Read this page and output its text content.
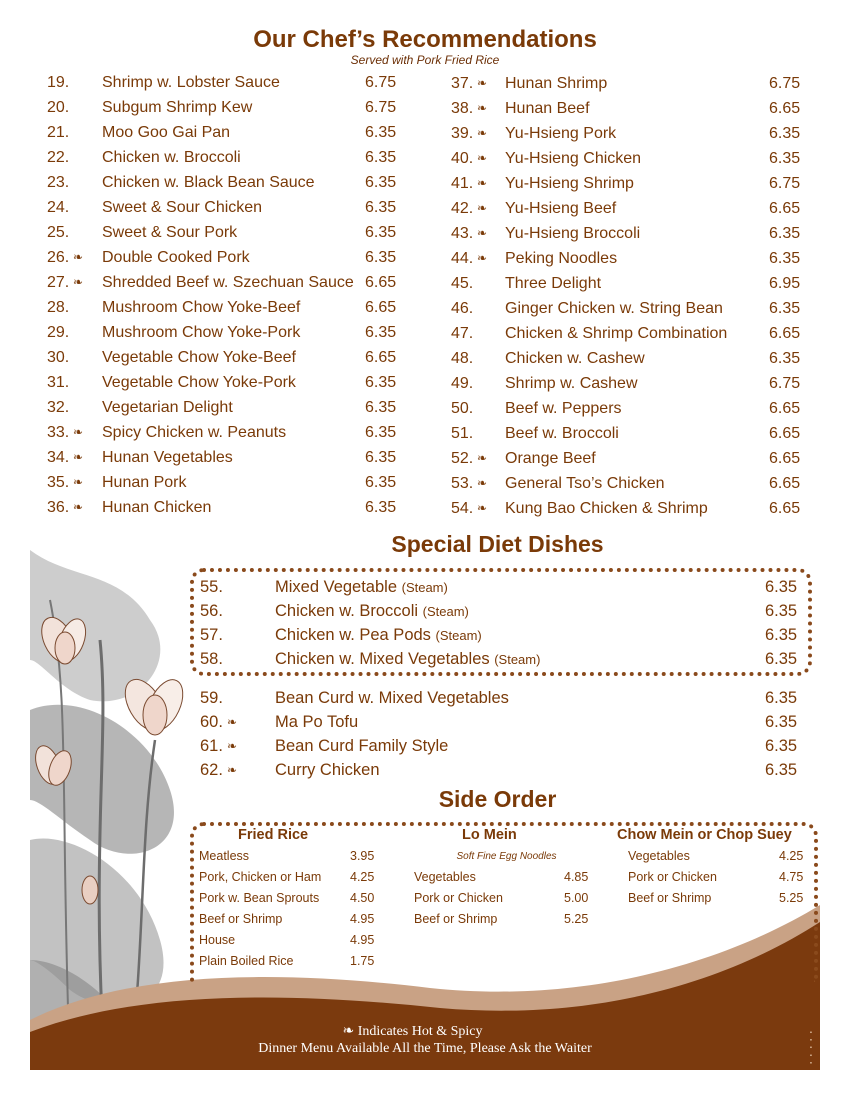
▪ ▪ ▪ ▪ ▪
Our Chef’s Recommendations
Served with Pork Fried Rice
19. Shrimp w. Lobster Sauce	6.75
20. Subgum Shrimp Kew	6.75
21. Moo Goo Gai Pan	6.35
22. Chicken w. Broccoli	6.35
23. Chicken w. Black Bean Sauce	6.35
24. Sweet & Sour Chicken	6.35
25. Sweet & Sour Pork	6.35
26. ❧ Double Cooked Pork	6.35
27. ❧ Shredded Beef w. Szechuan Sauce 6.65
28. Mushroom Chow Yoke-Beef	6.65
29. Mushroom Chow Yoke-Pork	6.35
30. Vegetable Chow Yoke-Beef	6.65
31. Vegetable Chow Yoke-Pork	6.35
32. Vegetarian Delight	6.35
33. ❧ Spicy Chicken w. Peanuts	6.35
34. ❧ Hunan Vegetables	6.35
35. ❧ Hunan Pork	6.35
36. ❧ Hunan Chicken	6.35
37. ❧ Hunan Shrimp	6.75
38. ❧ Hunan Beef	6.65
39. ❧ Yu-Hsieng Pork	6.35
40. ❧ Yu-Hsieng Chicken	6.35
41. ❧ Yu-Hsieng Shrimp	6.75
42. ❧ Yu-Hsieng Beef	6.65
43. ❧ Yu-Hsieng Broccoli	6.35
44. ❧ Peking Noodles	6.35
45. Three Delight	6.95
46. Ginger Chicken w. String Bean	6.35
47. Chicken & Shrimp Combination	6.65
48. Chicken w. Cashew	6.35
49. Shrimp w. Cashew	6.75
50. Beef w. Peppers	6.65
51. Beef w. Broccoli	6.65
52. ❧ Orange Beef	6.65
53. ❧ General Tso’s Chicken	6.65
54. ❧ Kung Bao Chicken & Shrimp	6.65
Special Diet Dishes
55.	Mixed Vegetable (Steam)	6.35
56.	Chicken w. Broccoli (Steam)	6.35
57.	Chicken w. Pea Pods (Steam)	6.35
58.	Chicken w. Mixed Vegetables (Steam)	6.35
59.	Bean Curd w. Mixed Vegetables	6.35
60. ❧ Ma Po Tofu	6.35
61. ❧ Bean Curd Family Style	6.35
62. ❧ Curry Chicken	6.35
Side Order
Fried Rice
Meatless	3.95
Pork, Chicken or Ham 4.25
Pork w. Bean Sprouts 4.50
Beef or Shrimp	4.95
House	4.95
Plain Boiled Rice	1.75
Lo Mein
Soft Fine Egg Noodles
Vegetables	4.85
Pork or Chicken	5.00
Beef or Shrimp	5.25
Chow Mein or Chop Suey
Vegetables	4.25
Pork or Chicken	4.75
Beef or Shrimp	5.25
❧ Indicates Hot & Spicy
Dinner Menu Available All the Time, Please Ask the Waiter
